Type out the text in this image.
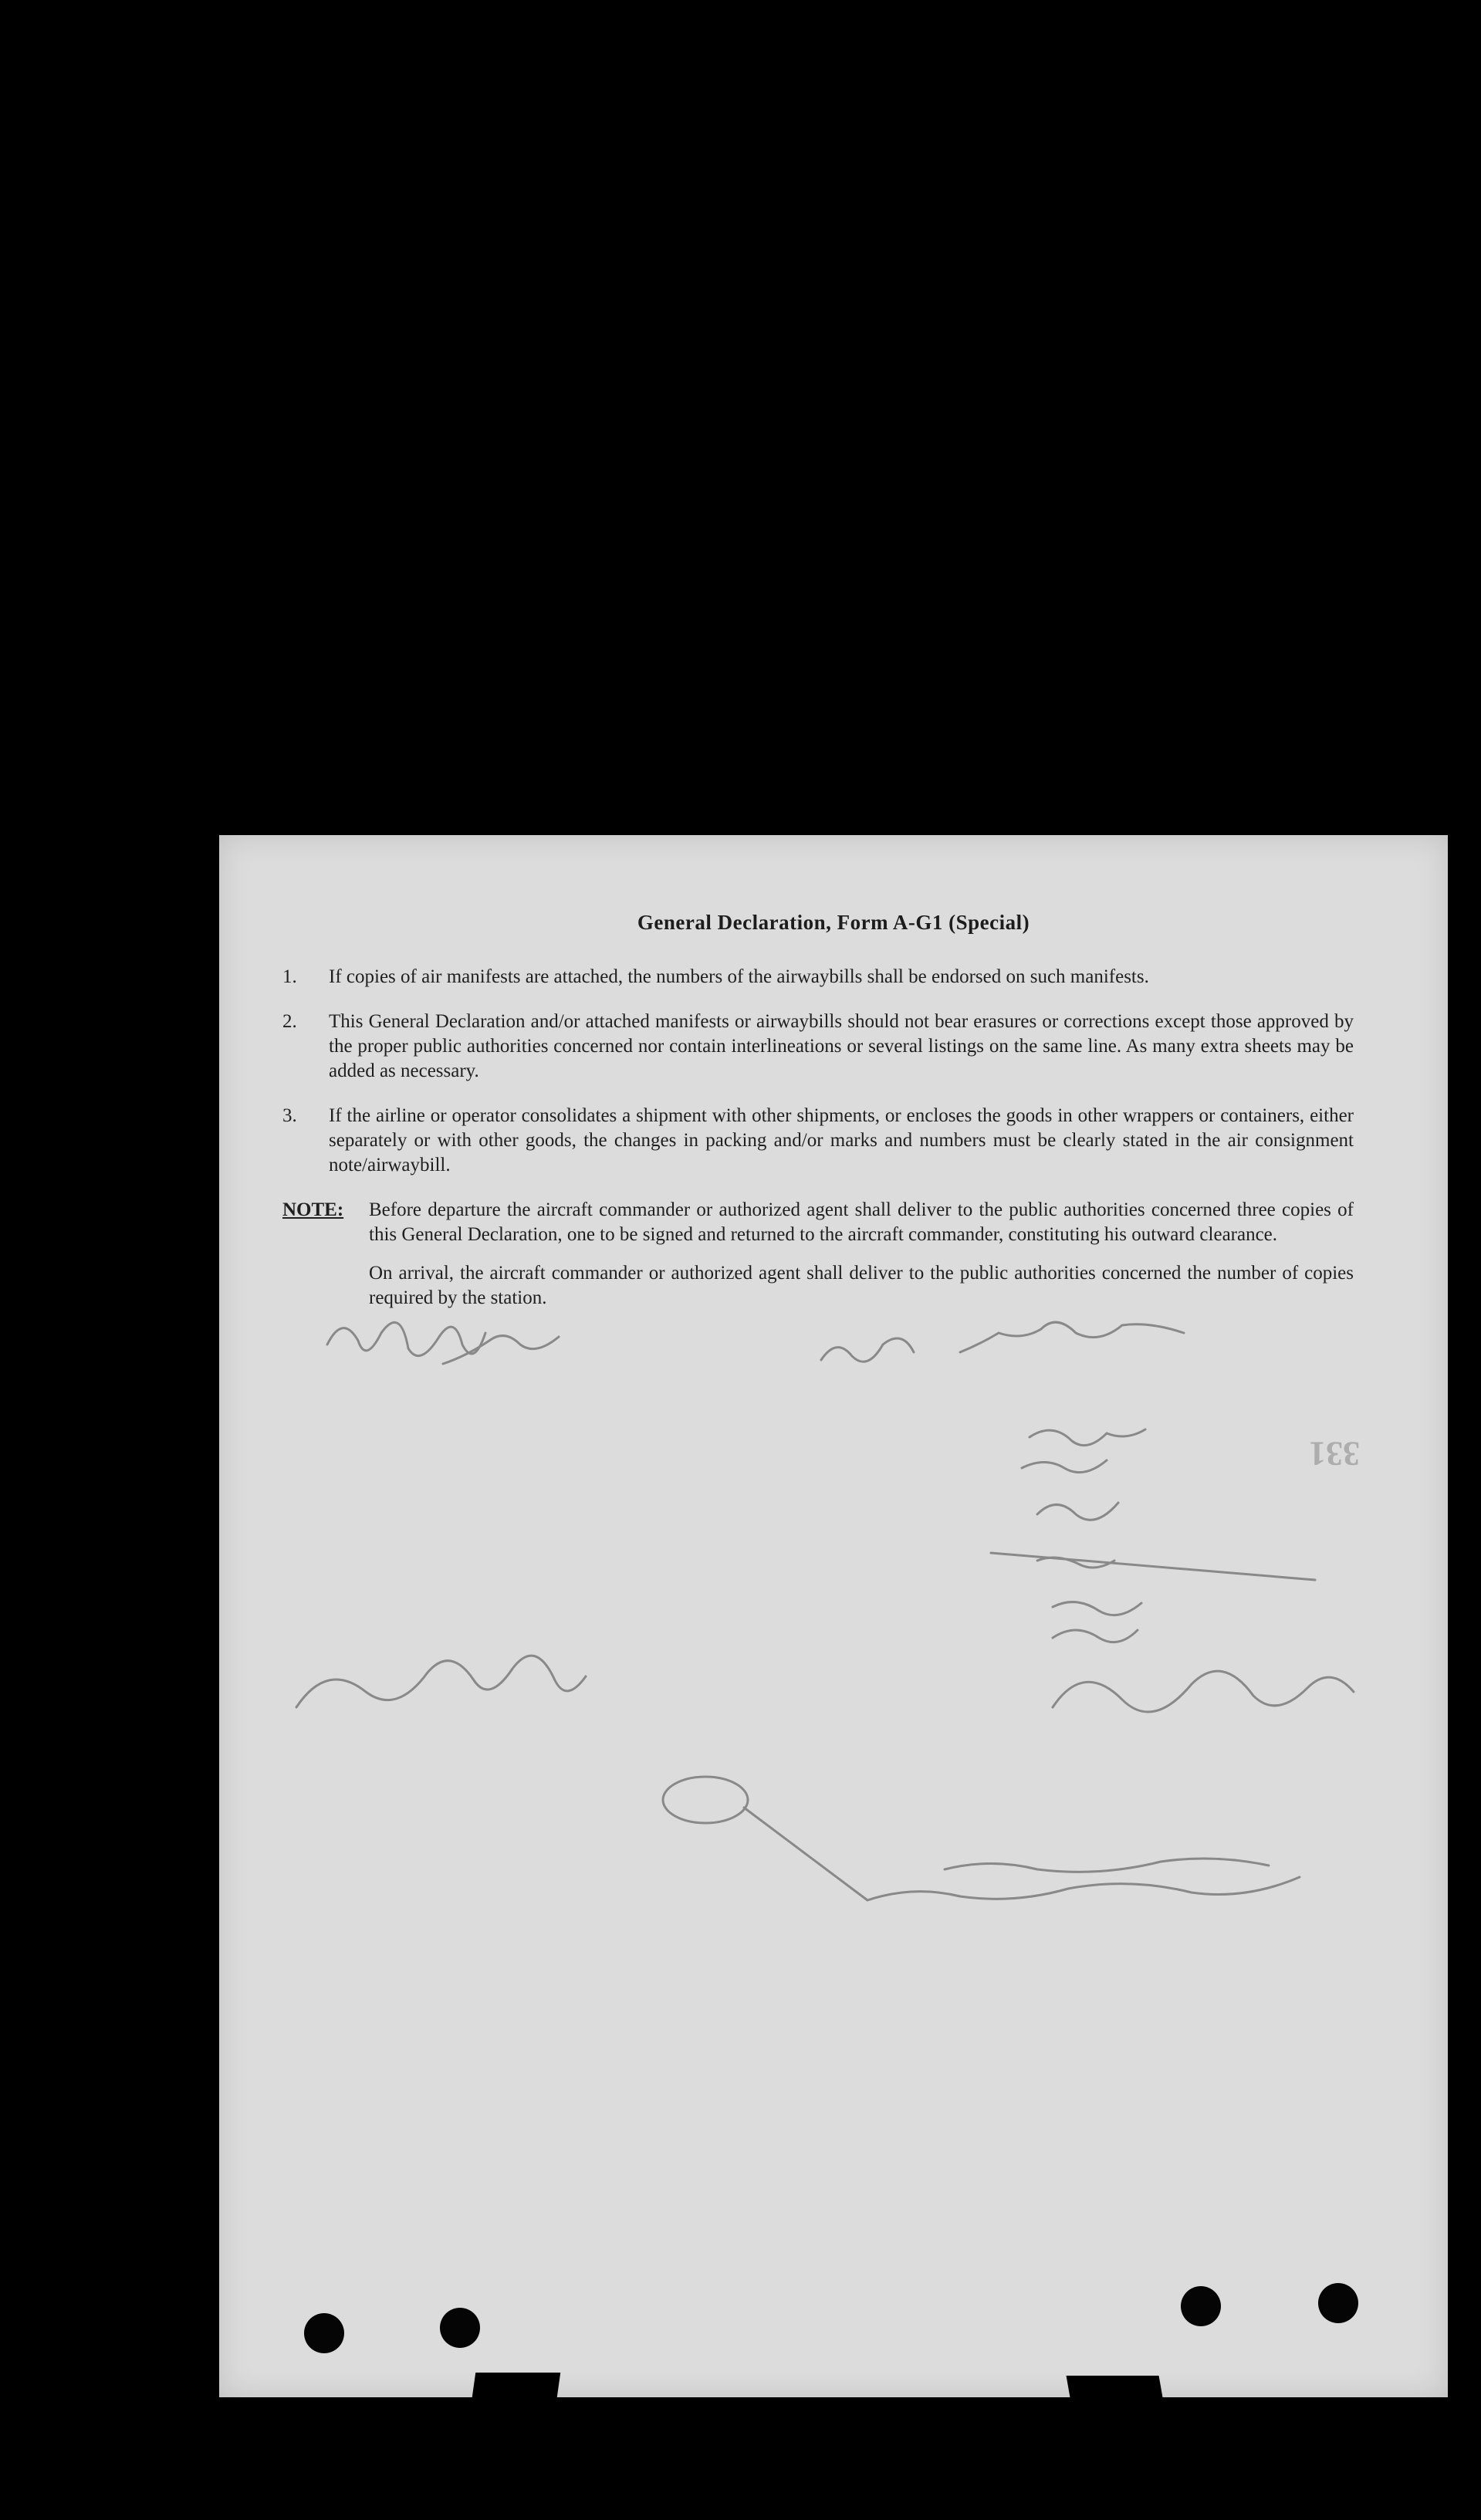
General Declaration, Form A-G1 (Special)
1.	If copies of air manifests are attached, the numbers of the airwaybills shall be endorsed on such manifests.
2.	This General Declaration and/or attached manifests or airwaybills should not bear erasures or corrections except those approved by the proper public authorities concerned nor contain interlineations or several listings on the same line. As many extra sheets may be added as necessary.
3.	If the airline or operator consolidates a shipment with other shipments, or encloses the goods in other wrappers or containers, either separately or with other goods, the changes in packing and/or marks and numbers must be clearly stated in the air consignment note/airwaybill.
NOTE:	Before departure the aircraft commander or authorized agent shall deliver to the public authorities concerned three copies of this General Declaration, one to be signed and returned to the aircraft commander, constituting his outward clearance.

On arrival, the aircraft commander or authorized agent shall deliver to the public authorities concerned the number of copies required by the station.

331
